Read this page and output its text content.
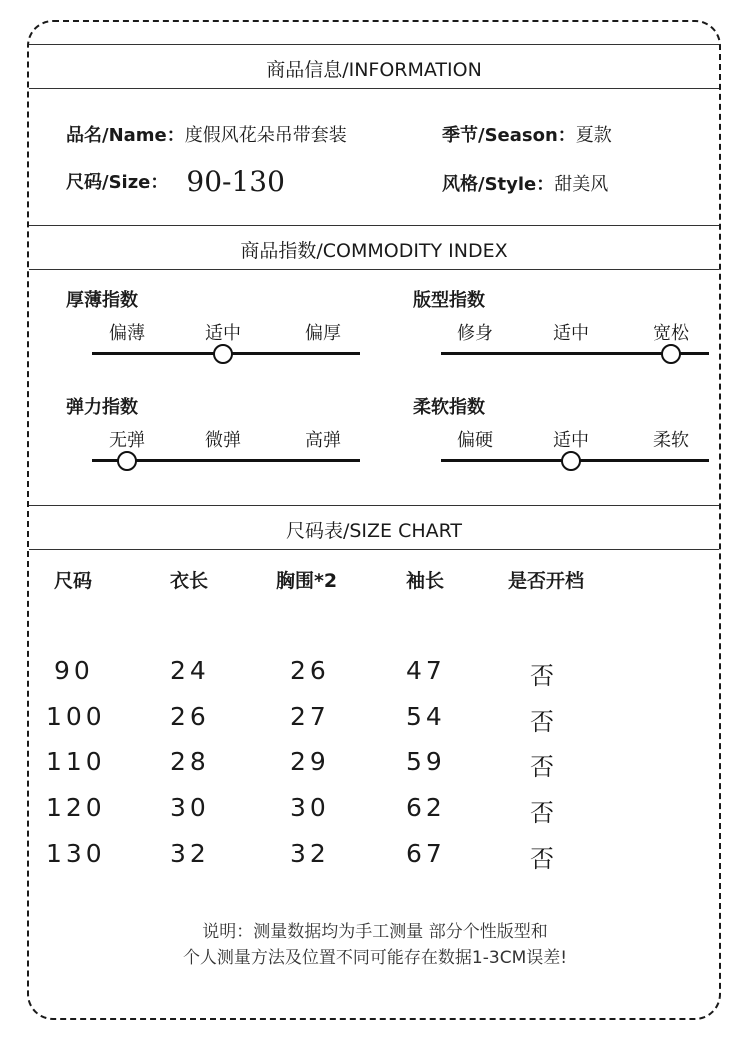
商品信息/INFORMATION
品名/Name：度假风花朵吊带套装	季节/Season：夏款
尺码/Size： 90-130	风格/Style：甜美风
商品指数/COMMODITY INDEX
厚薄指数
偏薄	适中	偏厚
版型指数
修身	适中	宽松
弹力指数
无弹	微弹	高弹
柔软指数
偏硬	适中	柔软
尺码表/SIZE CHART
尺码	衣长	胸围*2	袖长	是否开档
90	24	26	47	否
100	26	27	54	否
110	28	29	59	否
120	30	30	62	否
130	32	32	67	否
说明：测量数据均为手工测量 部分个性版型和
个人测量方法及位置不同可能存在数据1-3CM误差!
